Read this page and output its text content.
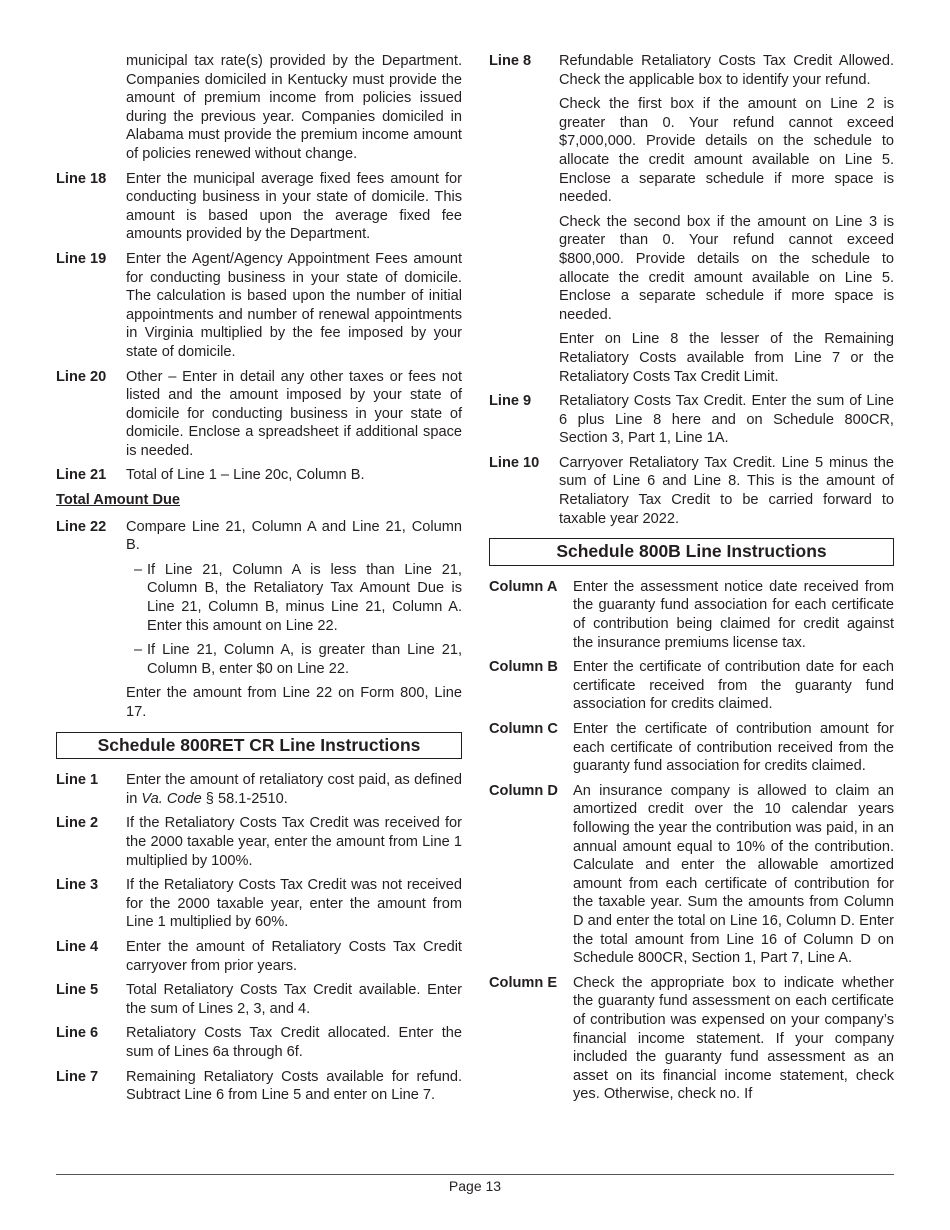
municipal tax rate(s) provided by the Department. Companies domiciled in Kentucky must provide the amount of premium income from policies issued during the previous year. Companies domiciled in Alabama must provide the premium income amount of policies renewed without change.

Line 18	Enter the municipal average fixed fees amount for conducting business in your state of domicile. This amount is based upon the average fixed fee amounts provided by the Department.
Line 19	Enter the Agent/Agency Appointment Fees amount for conducting business in your state of domicile. The calculation is based upon the number of initial appointments and number of renewal appointments in Virginia multiplied by the fee imposed by your state of domicile.
Line 20	Other – Enter in detail any other taxes or fees not listed and the amount imposed by your state of domicile for conducting business in your state of domicile. Enclose a spreadsheet if additional space is needed.
Line 21	Total of Line 1 – Line 20c, Column B.
Total Amount Due
Line 22	Compare Line 21, Column A and Line 21, Column B.

– If Line 21, Column A is less than Line 21, Column B, the Retaliatory Tax Amount Due is Line 21, Column B, minus Line 21, Column A. Enter this amount on Line 22.
– If Line 21, Column A, is greater than Line 21, Column B, enter $0 on Line 22.

Enter the amount from Line 22 on Form 800, Line 17.

Schedule 800RET CR Line Instructions
Line 1	Enter the amount of retaliatory cost paid, as defined in Va. Code § 58.1-2510.
Line 2	If the Retaliatory Costs Tax Credit was received for the 2000 taxable year, enter the amount from Line 1 multiplied by 100%.
Line 3	If the Retaliatory Costs Tax Credit was not received for the 2000 taxable year, enter the amount from Line 1 multiplied by 60%.
Line 4	Enter the amount of Retaliatory Costs Tax Credit carryover from prior years.
Line 5	Total Retaliatory Costs Tax Credit available. Enter the sum of Lines 2, 3, and 4.
Line 6	Retaliatory Costs Tax Credit allocated. Enter the sum of Lines 6a through 6f.
Line 7	Remaining Retaliatory Costs available for refund. Subtract Line 6 from Line 5 and enter on Line 7.
Line 8	Refundable Retaliatory Costs Tax Credit Allowed. Check the applicable box to identify your refund.

Check the first box if the amount on Line 2 is greater than 0. Your refund cannot exceed $7,000,000. Provide details on the schedule to allocate the credit amount available on Line 5. Enclose a separate schedule if more space is needed.

Check the second box if the amount on Line 3 is greater than 0. Your refund cannot exceed $800,000. Provide details on the schedule to allocate the credit amount available on Line 5. Enclose a separate schedule if more space is needed.

Enter on Line 8 the lesser of the Remaining Retaliatory Costs available from Line 7 or the Retaliatory Costs Tax Credit Limit.

Line 9	Retaliatory Costs Tax Credit. Enter the sum of Line 6 plus Line 8 here and on Schedule 800CR, Section 3, Part 1, Line 1A.
Line 10	Carryover Retaliatory Tax Credit. Line 5 minus the sum of Line 6 and Line 8. This is the amount of Retaliatory Tax Credit to be carried forward to taxable year 2022.
Schedule 800B Line Instructions
Column A	Enter the assessment notice date received from the guaranty fund association for each certificate of contribution being claimed for credit against the insurance premiums license tax.
Column B	Enter the certificate of contribution date for each certificate received from the guaranty fund association for credits claimed.
Column C	Enter the certificate of contribution amount for each certificate of contribution received from the guaranty fund association for credits claimed.
Column D	An insurance company is allowed to claim an amortized credit over the 10 calendar years following the year the contribution was paid, in an annual amount equal to 10% of the contribution. Calculate and enter the allowable amortized amount from each certificate of contribution for the taxable year. Sum the amounts from Column D and enter the total on Line 16, Column D. Enter the total amount from Line 16 of Column D on Schedule 800CR, Section 1, Part 7, Line A.
Column E	Check the appropriate box to indicate whether the guaranty fund assessment on each certificate of contribution was expensed on your company’s financial income statement. If your company included the guaranty fund assessment as an asset on its financial income statement, check yes. Otherwise, check no. If
Page 13
